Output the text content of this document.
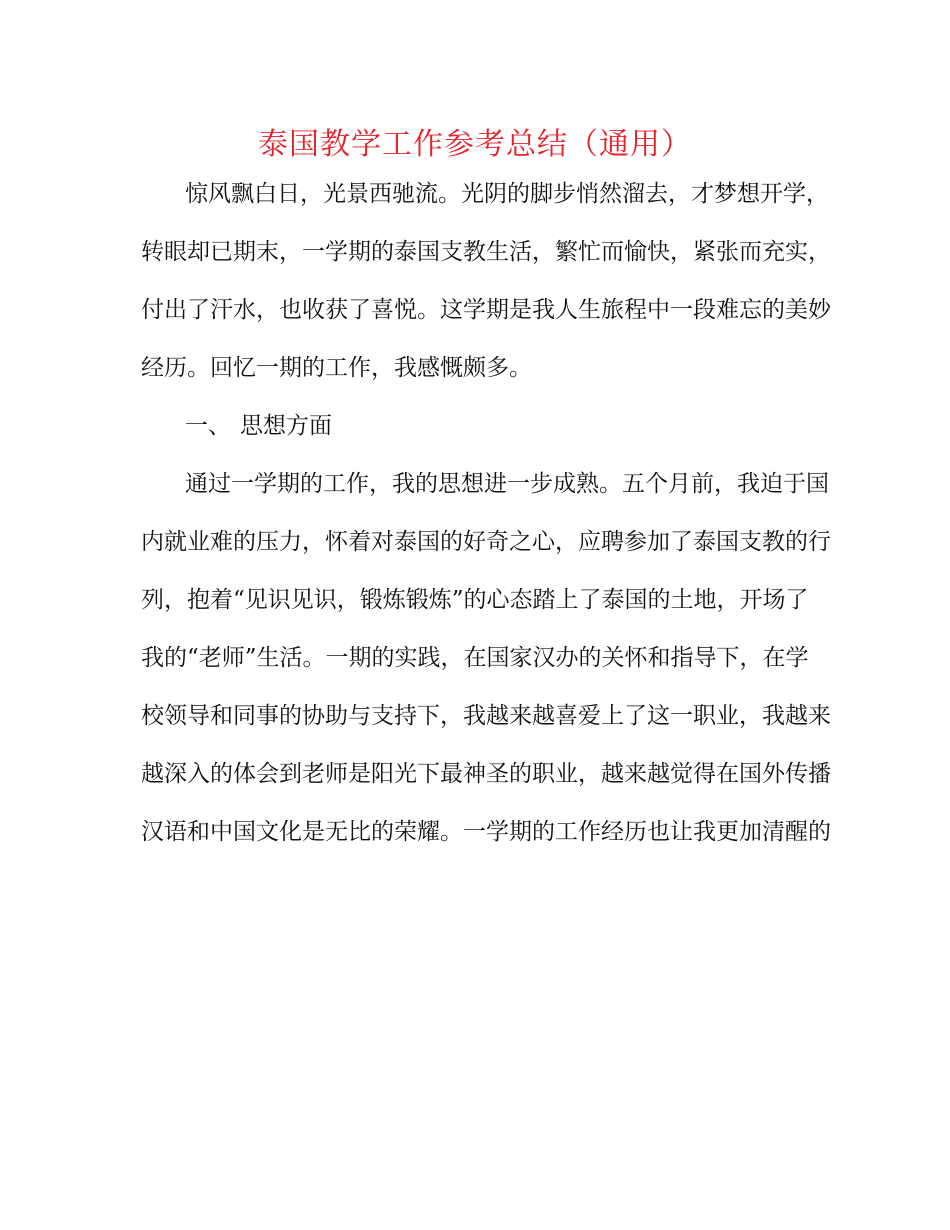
泰国教学工作参考总结（通用）
惊风飘白日，光景西驰流。光阴的脚步悄然溜去，才梦想开学，
转眼却已期末，一学期的泰国支教生活，繁忙而愉快，紧张而充实，
付出了汗水，也收获了喜悦。这学期是我人生旅程中一段难忘的美妙
经历。回忆一期的工作，我感慨颇多。
一、 思想方面
通过一学期的工作，我的思想进一步成熟。五个月前，我迫于国
内就业难的压力，怀着对泰国的好奇之心，应聘参加了泰国支教的行
列，抱着“见识见识，锻炼锻炼”的心态踏上了泰国的土地，开场了
我的“老师”生活。一期的实践，在国家汉办的关怀和指导下，在学
校领导和同事的协助与支持下，我越来越喜爱上了这一职业，我越来
越深入的体会到老师是阳光下最神圣的职业，越来越觉得在国外传播
汉语和中国文化是无比的荣耀。一学期的工作经历也让我更加清醒的
